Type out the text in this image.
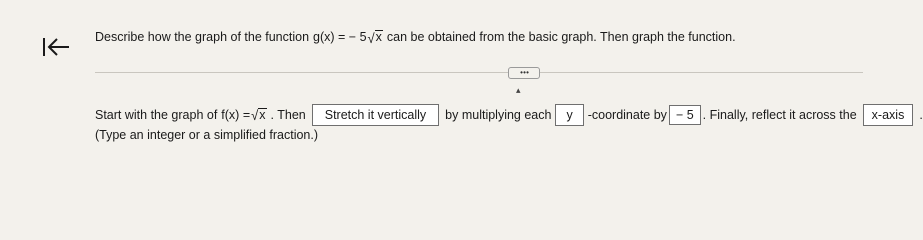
Describe how the graph of the function g(x) = − 5 √ x can be obtained from the basic graph. Then graph the function.
• • •
▴
Start with the graph of f(x) = √ x . Then	Stretch it vertically	by multiplying each	y	-coordinate by − 5 . Finally, reflect it across the	x-axis	.
(Type an integer or a simplified fraction.)
